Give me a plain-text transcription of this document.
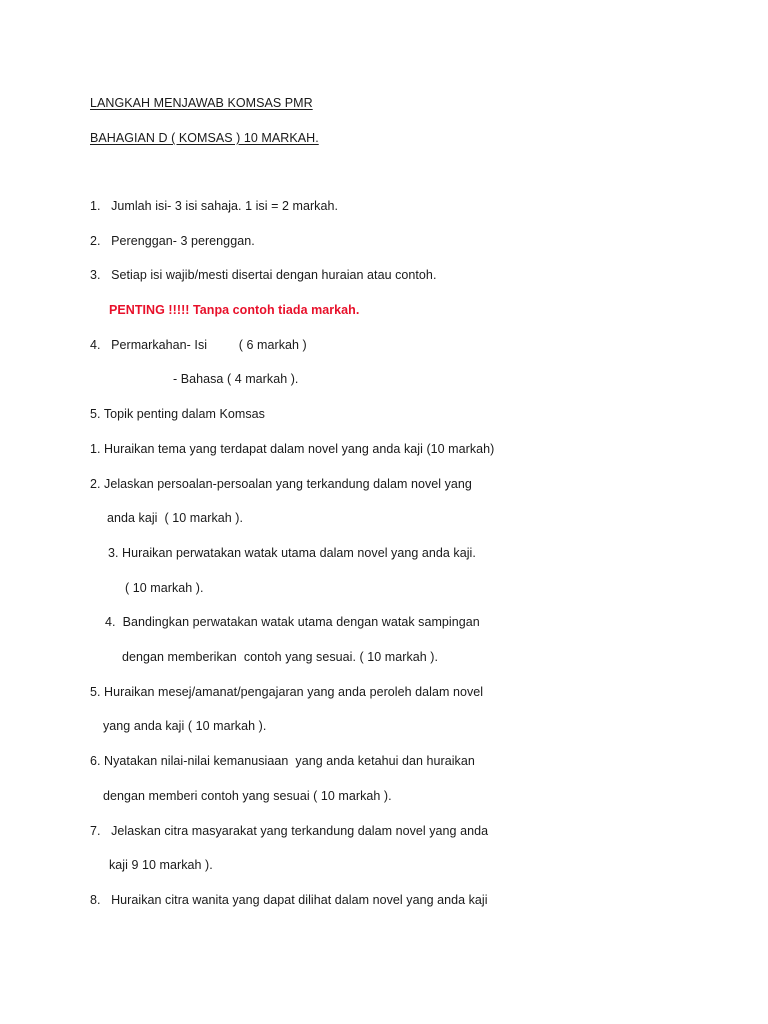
LANGKAH MENJAWAB KOMSAS PMR
BAHAGIAN D ( KOMSAS ) 10 MARKAH.
1.   Jumlah isi- 3 isi sahaja. 1 isi = 2 markah.
2.   Perenggan- 3 perenggan.
3.   Setiap isi wajib/mesti disertai dengan huraian atau contoh.
PENTING !!!!! Tanpa contoh tiada markah.
4.   Permarkahan- Isi         ( 6 markah )
- Bahasa ( 4 markah ).
5. Topik penting dalam Komsas
1. Huraikan tema yang terdapat dalam novel yang anda kaji (10 markah)
2. Jelaskan persoalan-persoalan yang terkandung dalam novel yang
anda kaji  ( 10 markah ).
3. Huraikan perwatakan watak utama dalam novel yang anda kaji.
( 10 markah ).
4.  Bandingkan perwatakan watak utama dengan watak sampingan
dengan memberikan  contoh yang sesuai. ( 10 markah ).
5. Huraikan mesej/amanat/pengajaran yang anda peroleh dalam novel
yang anda kaji ( 10 markah ).
6. Nyatakan nilai-nilai kemanusiaan  yang anda ketahui dan huraikan
dengan memberi contoh yang sesuai ( 10 markah ).
7.   Jelaskan citra masyarakat yang terkandung dalam novel yang anda
kaji 9 10 markah ).
8.   Huraikan citra wanita yang dapat dilihat dalam novel yang anda kaji
